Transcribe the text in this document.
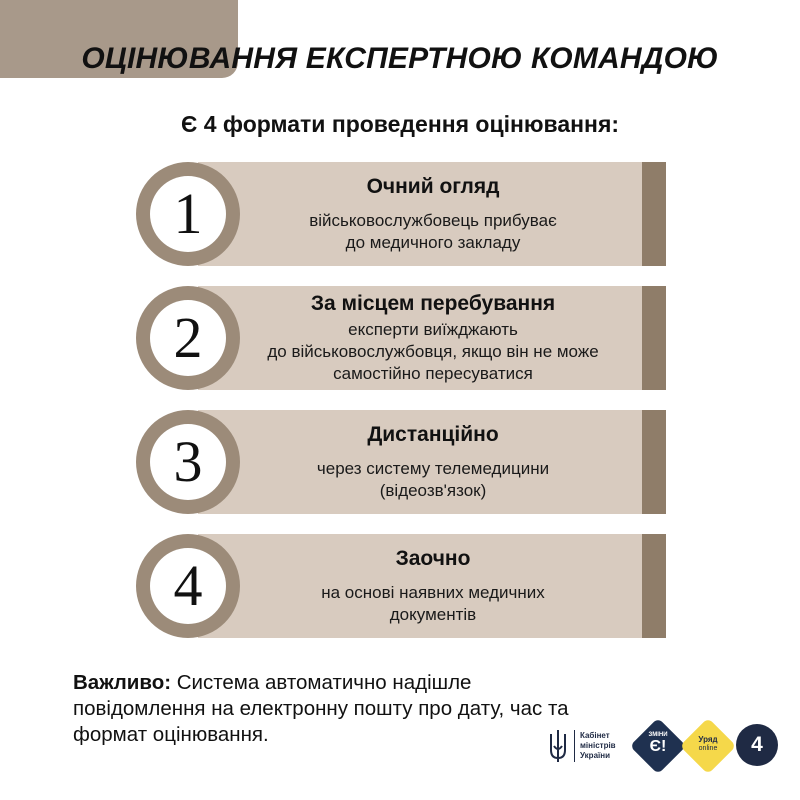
ОЦІНЮВАННЯ ЕКСПЕРТНОЮ КОМАНДОЮ
Є 4 формати проведення оцінювання:
1	Очний огляд
військовослужбовець прибуває
до медичного закладу
2
За місцем перебування
експерти виїжджають
до військовослужбовця, якщо він не може
самостійно пересуватися
3	Дистанційно
через систему телемедицини
(відеозв'язок)
4	Заочно
на основі наявних медичних
документів

Важливо: Система автоматично надішле повідомлення на електронну пошту про дату, час та формат оцінювання.	Кабінет
міністрів
України
ЗМІНИ
Є!	Уряд
online	4
